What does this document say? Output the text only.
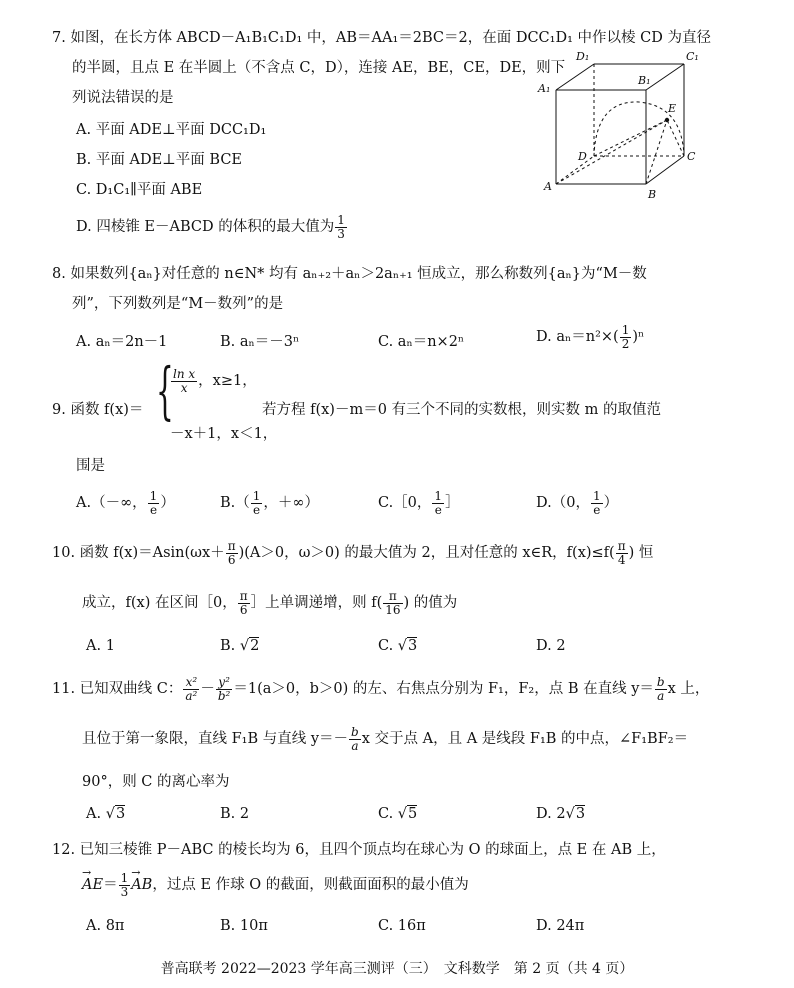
7. 如图，在长方体 ABCD－A₁B₁C₁D₁ 中，AB＝AA₁＝2BC＝2，在面 DCC₁D₁ 中作以棱 CD 为直径
的半圆，且点 E 在半圆上（不含点 C，D），连接 AE，BE，CE，DE，则下
列说法错误的是
A. 平面 ADE⊥平面 DCC₁D₁
B. 平面 ADE⊥平面 BCE
C. D₁C₁∥平面 ABE
D. 四棱锥 E－ABCD 的体积的最大值为 $\frac{1}{3}$
D₁	C₁
B₁
A₁
E
D	C
A
B
8. 如果数列{aₙ}对任意的 n∈N* 均有 aₙ₊₂＋aₙ＞2aₙ₊₁ 恒成立，那么称数列{aₙ}为“M－数
列”，下列数列是“M－数列”的是
A. aₙ＝2n－1	B. aₙ＝－3ⁿ	C. aₙ＝n×2ⁿ	D. $a_n=n^2\times( \frac{1}{2} )^n$
9. 函数 f(x)＝ {
$\frac{\text{ln x}}{x}$ ，x≥1，
－x＋1，x＜1，
若方程 f(x)－m＝0 有三个不同的实数根，则实数 m 的取值范
围是
A.（－∞， $\frac{1}{e}$ ）	$B.( \frac{1}{e}$ ，＋∞）	C.［0， $\frac{1}{e}$ ］	D.（0， $\frac{1}{e}$ ）
10. 函数 $f(x)=Asin(\omega x+ \frac{\pi}{6} )(A>0$，ω＞0) 的最大值为 2，且对任意的 x∈R，$f(x)\le f( \frac{\pi}{4}$ ) 恒
成立，f(x) 在区间［0， $\frac{\pi}{6}$ ］上单调递增，则 $f( \frac{\pi}{16}$ ) 的值为
A. 1	B. √2	C. √3	D. 2
11. 已知双曲线 C： $\frac{\text{x²}}{\text{a²}} - \frac{\text{y²}}{\text{b²}} =1(a>0$，b＞0) 的左、右焦点分别为 F₁，F₂，点 B 在直线 $y= \frac{b}{a}$ x 上，
且位于第一象限，直线 F₁B 与直线 $y=- \frac{b}{a}$ x 交于点 A，且 A 是线段 F₁B 的中点，∠F₁BF₂＝
90°，则 C 的离心率为
A. √3	B. 2	C. √5	D. 2√3
12. 已知三棱锥 P－ABC 的棱长均为 6，且四个顶点均在球心为 O 的球面上，点 E 在 AB 上，
→ $AE= \frac{1}{3}$
→ AB，过点 E 作球 O 的截面，则截面面积的最小值为
A. 8π	B. 10π	C. 16π	D. 24π
普高联考 2022—2023 学年高三测评（三）　文科数学　第 2 页（共 4 页）
